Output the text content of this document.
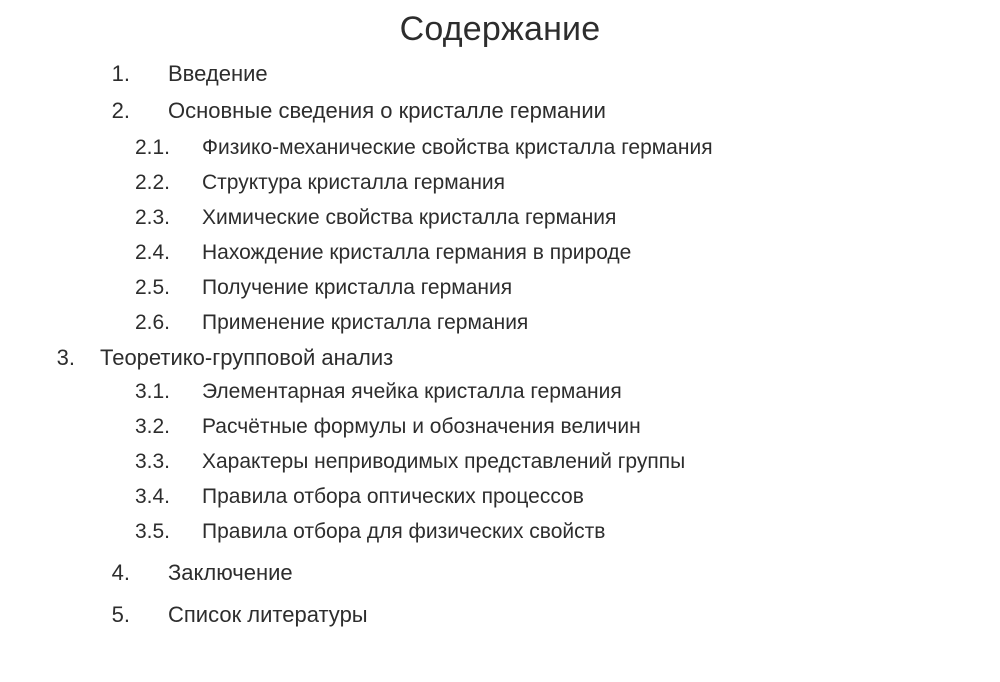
Содержание
1. Введение
2. Основные сведения о кристалле германии
2.1. Физико-механические свойства кристалла германия
2.2. Структура кристалла германия
2.3. Химические свойства кристалла германия
2.4. Нахождение кристалла германия в природе
2.5. Получение кристалла германия
2.6. Применение кристалла германия
3. Теоретико-групповой анализ
3.1. Элементарная ячейка кристалла германия
3.2. Расчётные формулы и обозначения величин
3.3. Характеры неприводимых представлений группы
3.4. Правила отбора оптических процессов
3.5. Правила отбора для физических свойств
4. Заключение
5. Список литературы
